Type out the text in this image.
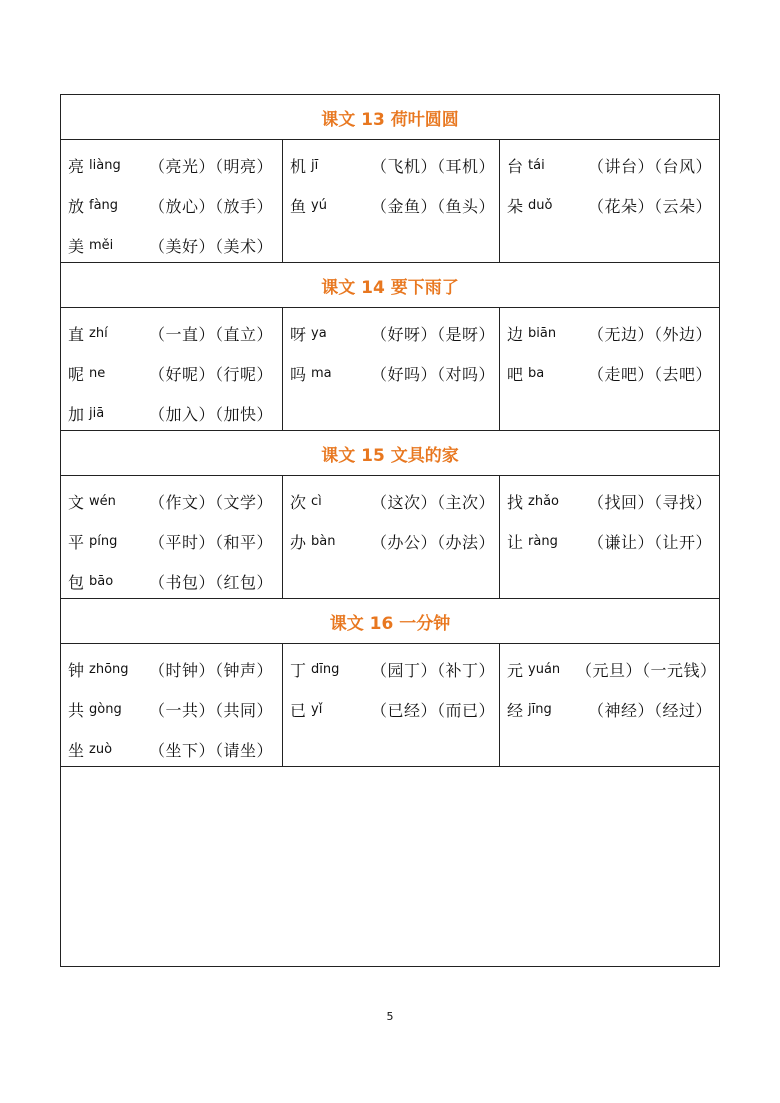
课文 13 荷叶圆圆
亮 liàng	（亮光）（明亮）
放 fàng	（放心）（放手）
美 měi	（美好）（美术）
机 jī	（飞机）（耳机）
鱼 yú	（金鱼）（鱼头）
台 tái	（讲台）（台风）
朵 duǒ	（花朵）（云朵）
课文 14 要下雨了
直 zhí	（一直）（直立）
呢 ne	（好呢）（行呢）
加 jiā	（加入）（加快）
呀 ya	（好呀）（是呀）
吗 ma	（好吗）（对吗）
边 biān	（无边）（外边）
吧 ba	（走吧）（去吧）
课文 15 文具的家
文 wén	（作文）（文学）
平 píng	（平时）（和平）
包 bāo	（书包）（红包）
次 cì	（这次）（主次）
办 bàn	（办公）（办法）
找 zhǎo	（找回）（寻找）
让 ràng	（谦让）（让开）
课文 16 一分钟
钟 zhōng	（时钟）（钟声）
共 gòng	（一共）（共同）
坐 zuò	（坐下）（请坐）
丁 dīng	（园丁）（补丁）
已 yǐ	（已经）（而已）
元 yuán （元旦）（一元钱）
经 jīng	（神经）（经过）
5
